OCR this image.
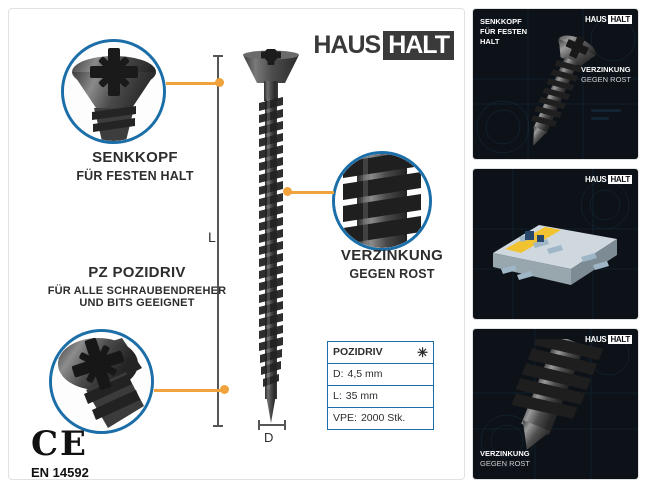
HAUS HALT
L
D
SENKKOPF
FÜR FESTEN HALT
PZ POZIDRIV
FÜR ALLE SCHRAUBENDREHER
UND BITS GEEIGNET
VERZINKUNG
GEGEN ROST
POZIDRIV	✳
D: 4,5 mm
L: 35 mm
VPE: 2000 Stk.
CE
EN 14592
SENKKOPF
FÜR FESTEN
HALT
VERZINKUNG
GEGEN ROST
HAUS HALT
HAUS HALT
VERZINKUNG
GEGEN ROST
HAUS HALT
